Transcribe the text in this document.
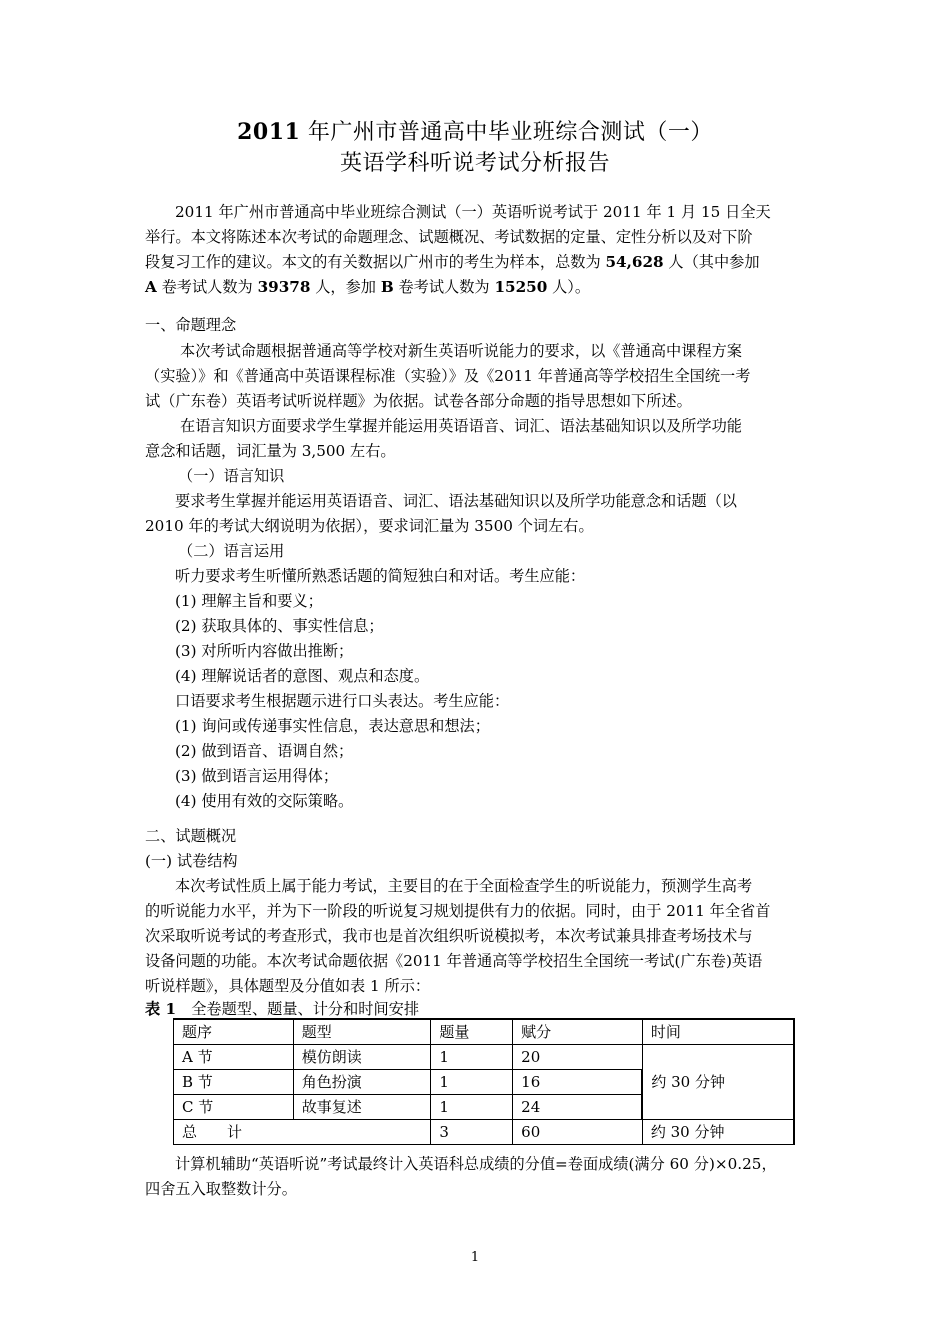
2011 年广州市普通高中毕业班综合测试（一）
英语学科听说考试分析报告
2011 年广州市普通高中毕业班综合测试（一）英语听说考试于 2011 年 1 月 15 日全天
举行。本文将陈述本次考试的命题理念、试题概况、考试数据的定量、定性分析以及对下阶
段复习工作的建议。本文的有关数据以广州市的考生为样本，总数为 54,628 人（其中参加
A 卷考试人数为 39378 人，参加 B 卷考试人数为 15250 人）。
一、命题理念
本次考试命题根据普通高等学校对新生英语听说能力的要求，以《普通高中课程方案
（实验）》和《普通高中英语课程标准（实验）》及《2011 年普通高等学校招生全国统一考
试（广东卷）英语考试听说样题》为依据。试卷各部分命题的指导思想如下所述。
在语言知识方面要求学生掌握并能运用英语语音、词汇、语法基础知识以及所学功能
意念和话题，词汇量为 3,500 左右。
（一）语言知识
要求考生掌握并能运用英语语音、词汇、语法基础知识以及所学功能意念和话题（以
2010 年的考试大纲说明为依据），要求词汇量为 3500 个词左右。
（二）语言运用
听力要求考生听懂所熟悉话题的简短独白和对话。考生应能：
(1) 理解主旨和要义；
(2) 获取具体的、事实性信息；
(3) 对所听内容做出推断；
(4) 理解说话者的意图、观点和态度。
口语要求考生根据题示进行口头表达。考生应能：
(1) 询问或传递事实性信息，表达意思和想法；
(2) 做到语音、语调自然；
(3) 做到语言运用得体；
(4) 使用有效的交际策略。
二、试题概况
(一) 试卷结构
本次考试性质上属于能力考试，主要目的在于全面检查学生的听说能力，预测学生高考
的听说能力水平，并为下一阶段的听说复习规划提供有力的依据。同时，由于 2011 年全省首
次采取听说考试的考查形式，我市也是首次组织听说模拟考，本次考试兼具排查考场技术与
设备问题的功能。本次考试命题依据《2011 年普通高等学校招生全国统一考试(广东卷)英语
听说样题》，具体题型及分值如表 1 所示：
表 1　全卷题型、题量、计分和时间安排
题序	题型	题量	赋分	时间
A 节	模仿朗读	1	20	约 30 分钟
B 节	角色扮演	1	16	
C 节	故事复述	1	24	
总　　计		3	60	约 30 分钟
计算机辅助“英语听说”考试最终计入英语科总成绩的分值=卷面成绩(满分 60 分)×0.25，
四舍五入取整数计分。
1
